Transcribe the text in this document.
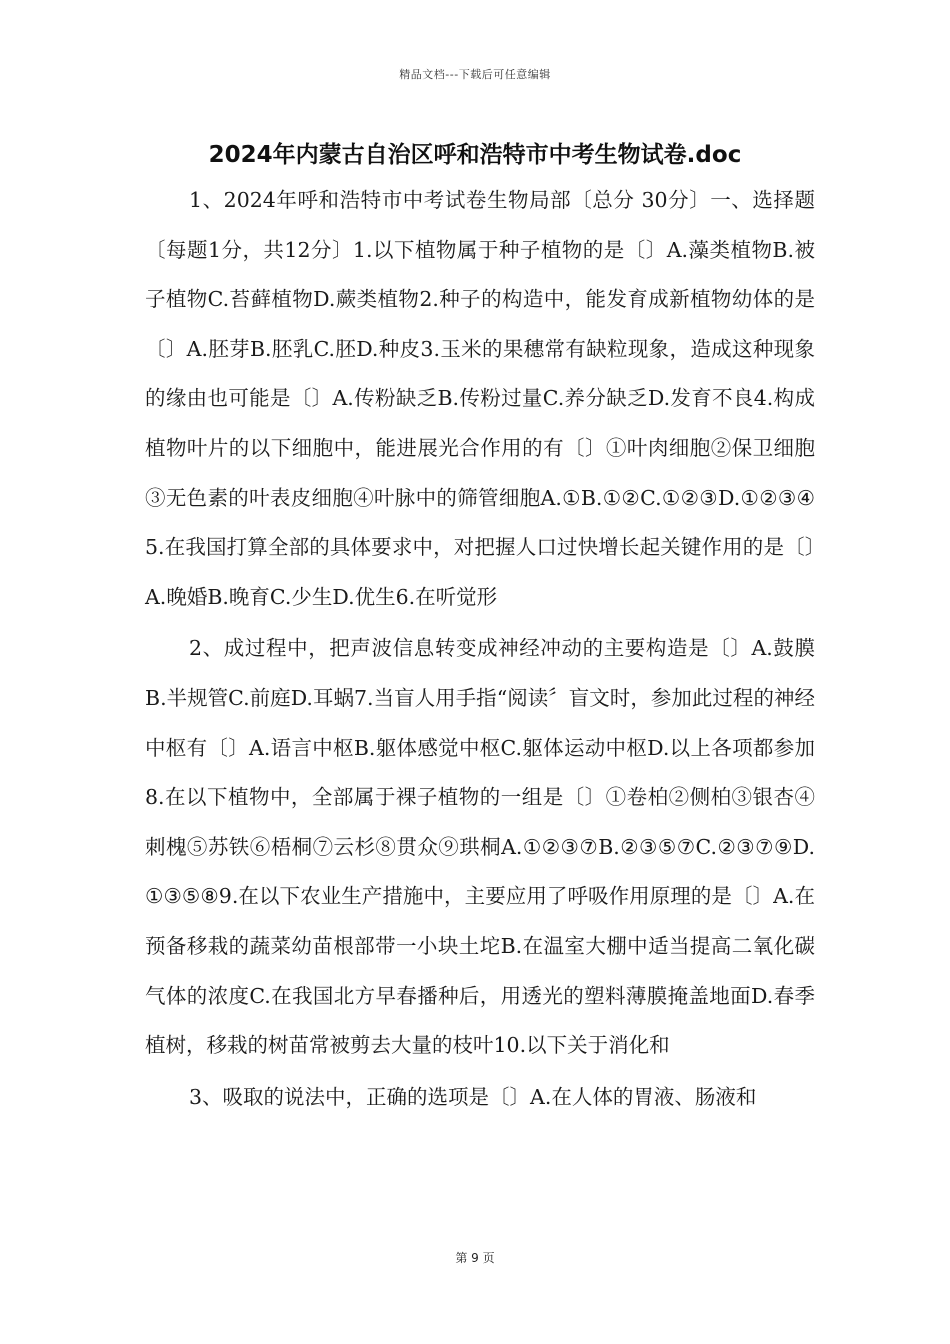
精品文档---下载后可任意编辑
2024年内蒙古自治区呼和浩特市中考生物试卷.doc

1、2024年呼和浩特市中考试卷生物局部〔总分 30分〕一、选择题〔每题1分，共12分〕1.以下植物属于种子植物的是〔〕A.藻类植物B.被子植物C.苔藓植物D.蕨类植物2.种子的构造中，能发育成新植物幼体的是〔〕A.胚芽B.胚乳C.胚D.种皮3.玉米的果穗常有缺粒现象，造成这种现象的缘由也可能是〔〕A.传粉缺乏B.传粉过量C.养分缺乏D.发育不良4.构成植物叶片的以下细胞中，能进展光合作用的有〔〕①叶肉细胞②保卫细胞③无色素的叶表皮细胞④叶脉中的筛管细胞A.①B.①②C.①②③D.①②③④5.在我国打算全部的具体要求中，对把握人口过快增长起关键作用的是〔〕A.晚婚B.晚育C.少生D.优生6.在听觉形

2、成过程中，把声波信息转变成神经冲动的主要构造是〔〕A.鼓膜B.半规管C.前庭D.耳蜗7.当盲人用手指“阅读〞盲文时，参加此过程的神经中枢有〔〕A.语言中枢B.躯体感觉中枢C.躯体运动中枢D.以上各项都参加8.在以下植物中，全部属于裸子植物的一组是〔〕①卷柏②侧柏③银杏④刺槐⑤苏铁⑥梧桐⑦云杉⑧贯众⑨珙桐A.①②③⑦B.②③⑤⑦C.②③⑦⑨D.①③⑤⑧9.在以下农业生产措施中，主要应用了呼吸作用原理的是〔〕A.在预备移栽的蔬菜幼苗根部带一小块土坨B.在温室大棚中适当提高二氧化碳气体的浓度C.在我国北方早春播种后，用透光的塑料薄膜掩盖地面D.春季植树，移栽的树苗常被剪去大量的枝叶10.以下关于消化和

3、吸取的说法中，正确的选项是〔〕A.在人体的胃液、肠液和

第 9 页
